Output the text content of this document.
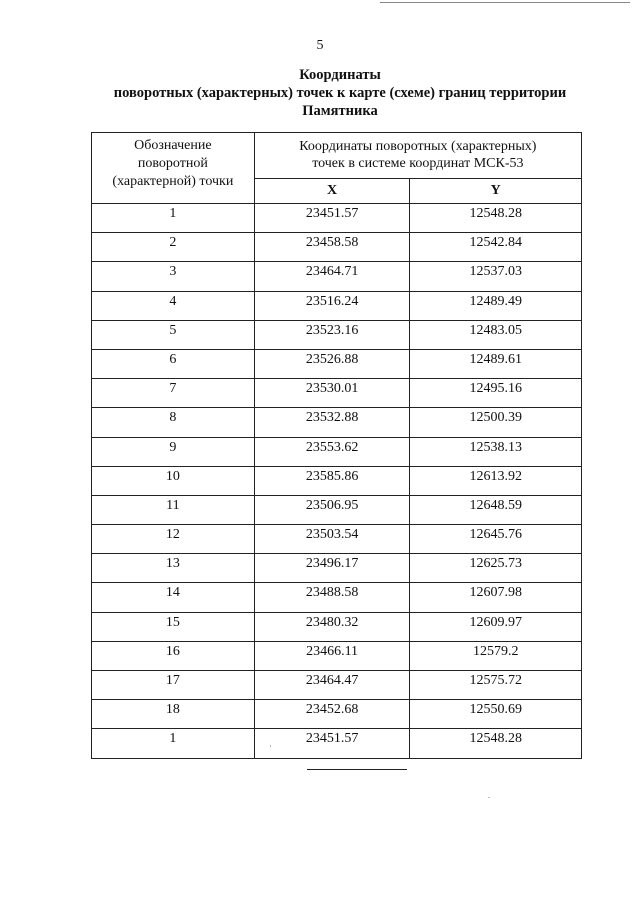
5
Координаты
поворотных (характерных) точек к карте (схеме) границ территории
Памятника
Обозначение
поворотной
(характерной) точки	Координаты поворотных (характерных)
точек в системе координат МСК-53	

	X	Y
1	23451.57	12548.28
2	23458.58	12542.84
3	23464.71	12537.03
4	23516.24	12489.49
5	23523.16	12483.05
6	23526.88	12489.61
7	23530.01	12495.16
8	23532.88	12500.39
9	23553.62	12538.13
10	23585.86	12613.92
11	23506.95	12648.59
12	23503.54	12645.76
13	23496.17	12625.73
14	23488.58	12607.98
15	23480.32	12609.97
16	23466.11	12579.2
17	23464.47	12575.72
18	23452.68	12550.69
1	23451.57	12548.28
